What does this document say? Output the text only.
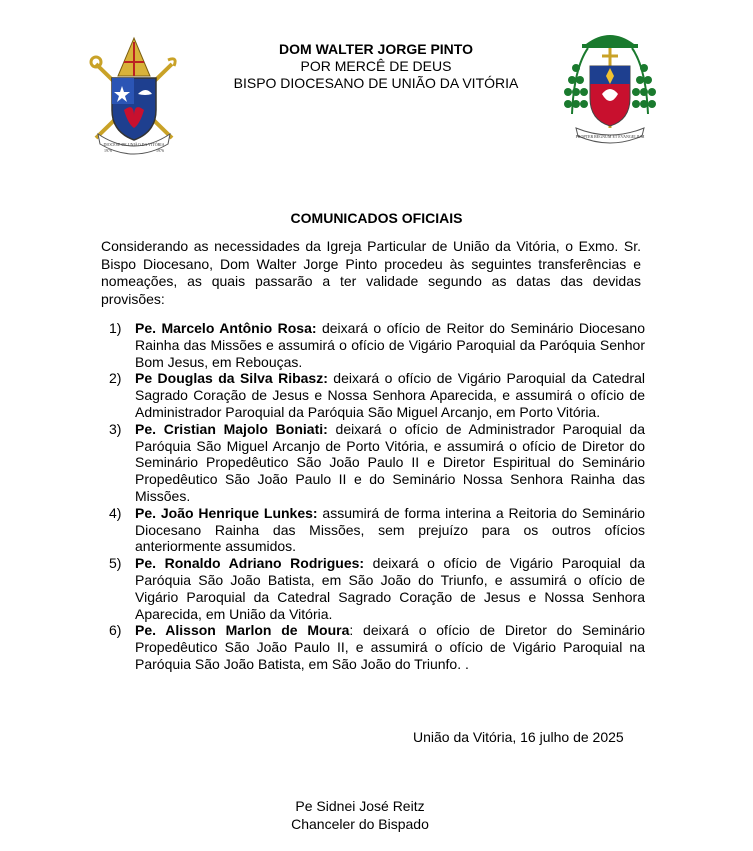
DIOCESE DE UNIÃO DA VITÓRIA
1976	1976
PROPTER REGNUM ET EVANGELIUM
DOM WALTER JORGE PINTO
POR MERCÊ DE DEUS
BISPO DIOCESANO DE UNIÃO DA VITÓRIA
COMUNICADOS OFICIAIS
Considerando as necessidades da Igreja Particular de União da Vitória, o Exmo. Sr. Bispo Diocesano, Dom Walter Jorge Pinto procedeu às seguintes transferências e nomeações, as quais passarão a ter validade segundo as datas das devidas provisões:
1) Pe. Marcelo Antônio Rosa: deixará o ofício de Reitor do Seminário Diocesano Rainha das Missões e assumirá o ofício de Vigário Paroquial da Paróquia Senhor Bom Jesus, em Rebouças.
2) Pe Douglas da Silva Ribasz: deixará o ofício de Vigário Paroquial da Catedral Sagrado Coração de Jesus e Nossa Senhora Aparecida, e assumirá o ofício de Administrador Paroquial da Paróquia São Miguel Arcanjo, em Porto Vitória.
3) Pe. Cristian Majolo Boniati: deixará o ofício de Administrador Paroquial da Paróquia São Miguel Arcanjo de Porto Vitória, e assumirá o ofício de Diretor do Seminário Propedêutico São João Paulo II e Diretor Espiritual do Seminário Propedêutico São João Paulo II e do Seminário Nossa Senhora Rainha das Missões.
4) Pe. João Henrique Lunkes: assumirá de forma interina a Reitoria do Seminário Diocesano Rainha das Missões, sem prejuízo para os outros ofícios anteriormente assumidos.
5) Pe. Ronaldo Adriano Rodrigues: deixará o ofício de Vigário Paroquial da Paróquia São João Batista, em São João do Triunfo, e assumirá o ofício de Vigário Paroquial da Catedral Sagrado Coração de Jesus e Nossa Senhora Aparecida, em União da Vitória.
6) Pe. Alisson Marlon de Moura: deixará o ofício de Diretor do Seminário Propedêutico São João Paulo II, e assumirá o ofício de Vigário Paroquial na Paróquia São João Batista, em São João do Triunfo. .
União da Vitória, 16 julho de 2025
Pe Sidnei José Reitz
Chanceler do Bispado
